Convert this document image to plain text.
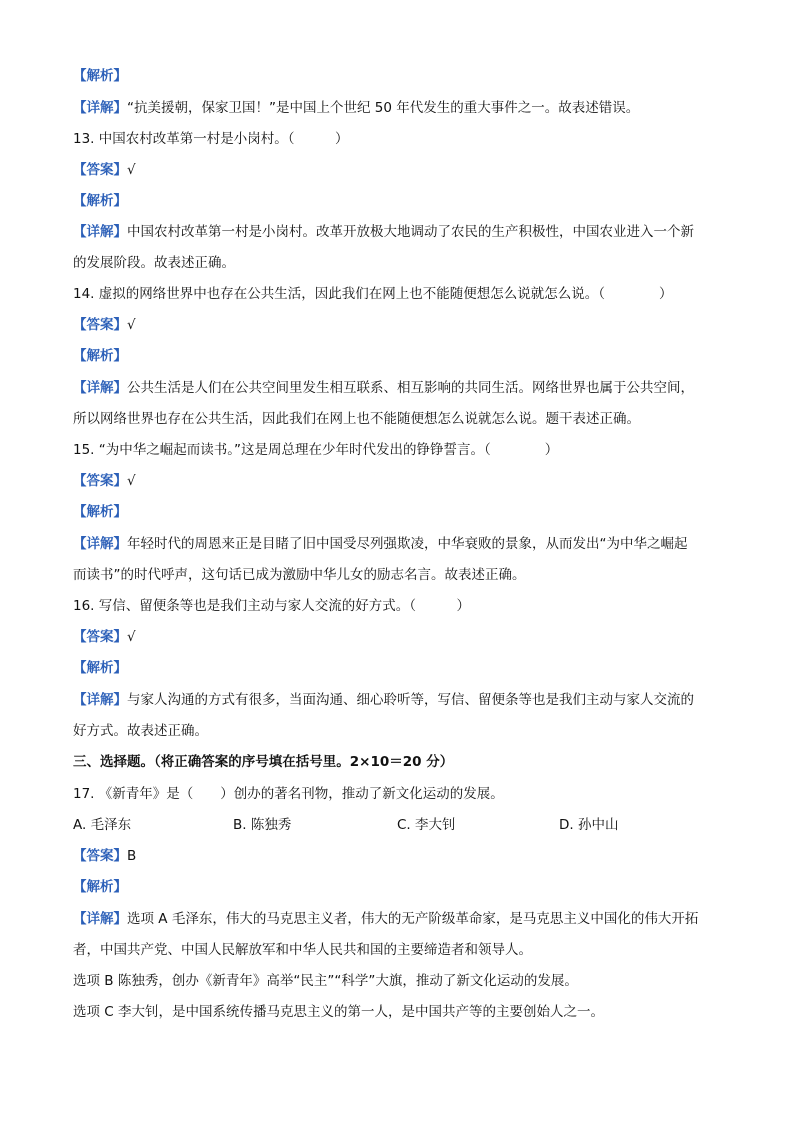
【解析】
【详解】“抗美援朝，保家卫国！”是中国上个世纪 50 年代发生的重大事件之一。故表述错误。
13. 中国农村改革第一村是小岗村。（　　　）
【答案】√
【解析】
【详解】中国农村改革第一村是小岗村。改革开放极大地调动了农民的生产积极性，中国农业进入一个新
的发展阶段。故表述正确。
14. 虚拟的网络世界中也存在公共生活，因此我们在网上也不能随便想怎么说就怎么说。（　　　　）
【答案】√
【解析】
【详解】公共生活是人们在公共空间里发生相互联系、相互影响的共同生活。网络世界也属于公共空间，
所以网络世界也存在公共生活，因此我们在网上也不能随便想怎么说就怎么说。题干表述正确。
15. “为中华之崛起而读书。”这是周总理在少年时代发出的铮铮誓言。（　　　　）
【答案】√
【解析】
【详解】年轻时代的周恩来正是目睹了旧中国受尽列强欺凌，中华衰败的景象，从而发出“为中华之崛起
而读书”的时代呼声，这句话已成为激励中华儿女的励志名言。故表述正确。
16. 写信、留便条等也是我们主动与家人交流的好方式。（　　　）
【答案】√
【解析】
【详解】与家人沟通的方式有很多，当面沟通、细心聆听等，写信、留便条等也是我们主动与家人交流的
好方式。故表述正确。
三、选择题。（将正确答案的序号填在括号里。2×10＝20 分）
17. 《新青年》是（　　）创办的著名刊物，推动了新文化运动的发展。
A. 毛泽东	B. 陈独秀	C. 李大钊	D. 孙中山
【答案】B
【解析】
【详解】选项 A 毛泽东，伟大的马克思主义者，伟大的无产阶级革命家，是马克思主义中国化的伟大开拓
者，中国共产党、中国人民解放军和中华人民共和国的主要缔造者和领导人。
选项 B 陈独秀，创办《新青年》高举“民主”“科学”大旗，推动了新文化运动的发展。
选项 C 李大钊，是中国系统传播马克思主义的第一人，是中国共产等的主要创始人之一。
